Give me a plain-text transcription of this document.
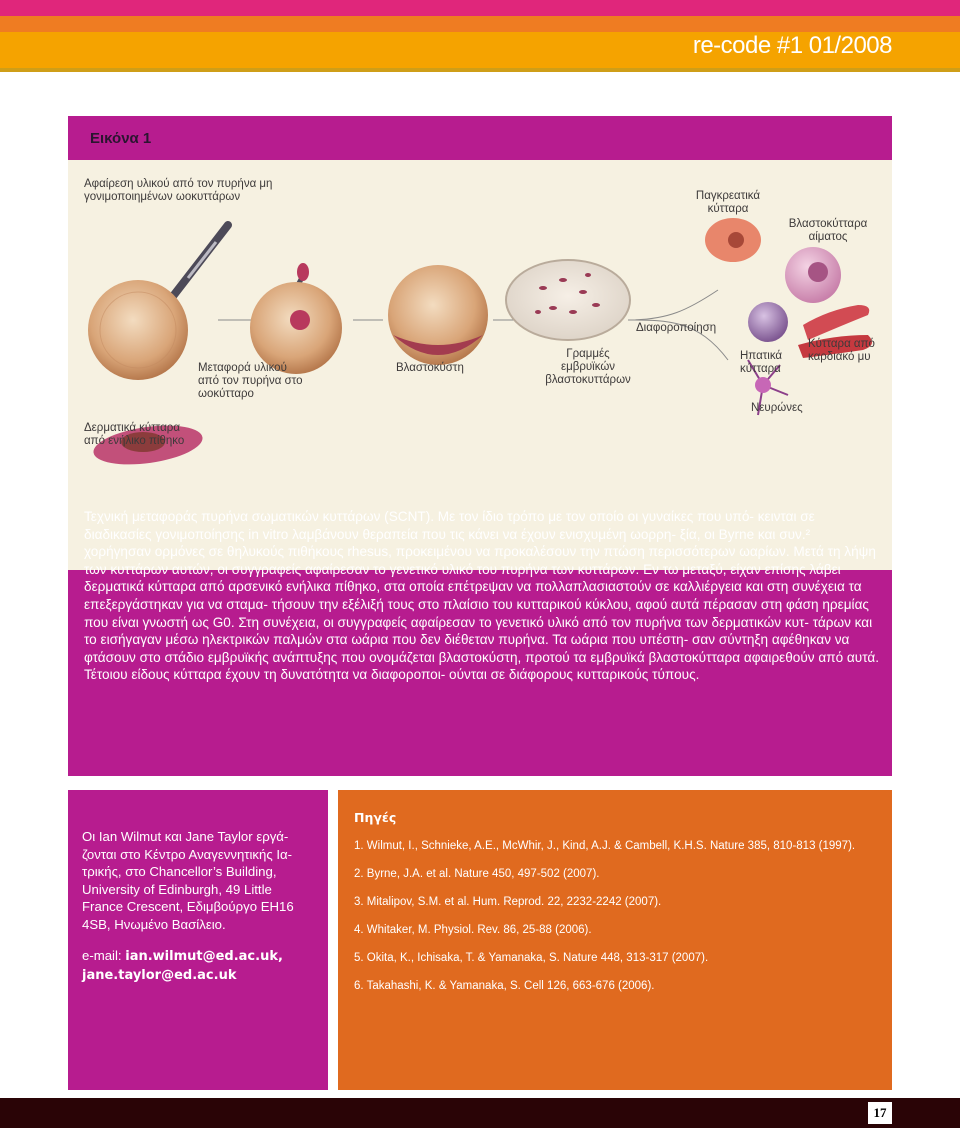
re-code #1 01/2008
Εικόνα 1
Αφαίρεση υλικού από τον πυρήνα μη γονιμοποιημένων ωοκυττάρων
Δερματικά κύτταρα από ενήλικο πίθηκο
Μεταφορά υλικού από τον πυρήνα στο ωοκύτταρο
Βλαστοκύστη
Γραμμές εμβρυϊκών βλαστοκυττάρων
Διαφοροποίηση
Παγκρεατικά κύτταρα
Βλαστοκύτταρα αίματος
Ηπατικά κύτταρα
Κύτταρα από καρδιακό μυ
Νευρώνες
Τεχνική μεταφοράς πυρήνα σωματικών κυττάρων (SCNT). Με τον ίδιο τρόπο με τον οποίο οι γυναίκες που υπό- κεινται σε διαδικασίες γονιμοποίησης in vitro λαμβάνουν θεραπεία που τις κάνει να έχουν ενισχυμένη ωορρη- ξία, οι Byrne και συν.² χορήγησαν ορμόνες σε θηλυκούς πιθήκους rhesus, προκειμένου να προκαλέσουν την πτώση περισσότερων ωαρίων. Μετά τη λήψη των κυττάρων αυτών, οι συγγραφείς αφαίρεσαν το γενετικό υλικό του πυρήνα των κυττάρων. Εν τω μεταξύ, είχαν επίσης λάβει δερματικά κύτταρα από αρσενικό ενήλικα πίθηκο, στα οποία επέτρεψαν να πολλαπλασιαστούν σε καλλιέργεια και στη συνέχεια τα επεξεργάστηκαν για να σταμα- τήσουν την εξέλιξή τους στο πλαίσιο του κυτταρικού κύκλου, αφού αυτά πέρασαν στη φάση ηρεμίας που είναι γνωστή ως G0. Στη συνέχεια, οι συγγραφείς αφαίρεσαν το γενετικό υλικό από τον πυρήνα των δερματικών κυτ- τάρων και το εισήγαγαν μέσω ηλεκτρικών παλμών στα ωάρια που δεν διέθεταν πυρήνα. Τα ωάρια που υπέστη- σαν σύντηξη αφέθηκαν να φτάσουν στο στάδιο εμβρυϊκής ανάπτυξης που ονομάζεται βλαστοκύστη, προτού τα εμβρυϊκά βλαστοκύτταρα αφαιρεθούν από αυτά. Τέτοιου είδους κύτταρα έχουν τη δυνατότητα να διαφοροποι- ούνται σε διάφορους κυτταρικούς τύπους.
Οι Ian Wilmut και Jane Taylor εργά- ζονται στο Κέντρο Αναγεννητικής Ια- τρικής, στο Chancellor’s Building, University of Edinburgh, 49 Little France Crescent, Εδιμβούργο EH16 4SB, Ηνωμένο Βασίλειο.
e-mail: ian.wilmut@ed.ac.uk,
jane.taylor@ed.ac.uk
Πηγές
1. Wilmut, I., Schnieke, A.E., McWhir, J., Kind, A.J. & Cambell, K.H.S. Nature 385, 810-813 (1997).
2. Byrne, J.A. et al. Nature 450, 497-502 (2007).
3. Mitalipov, S.M. et al. Hum. Reprod. 22, 2232-2242 (2007).
4. Whitaker, M. Physiol. Rev. 86, 25-88 (2006).
5. Okita, K., Ichisaka, T. & Yamanaka, S. Nature 448, 313-317 (2007).
6. Takahashi, K. & Yamanaka, S. Cell 126, 663-676 (2006).
17
